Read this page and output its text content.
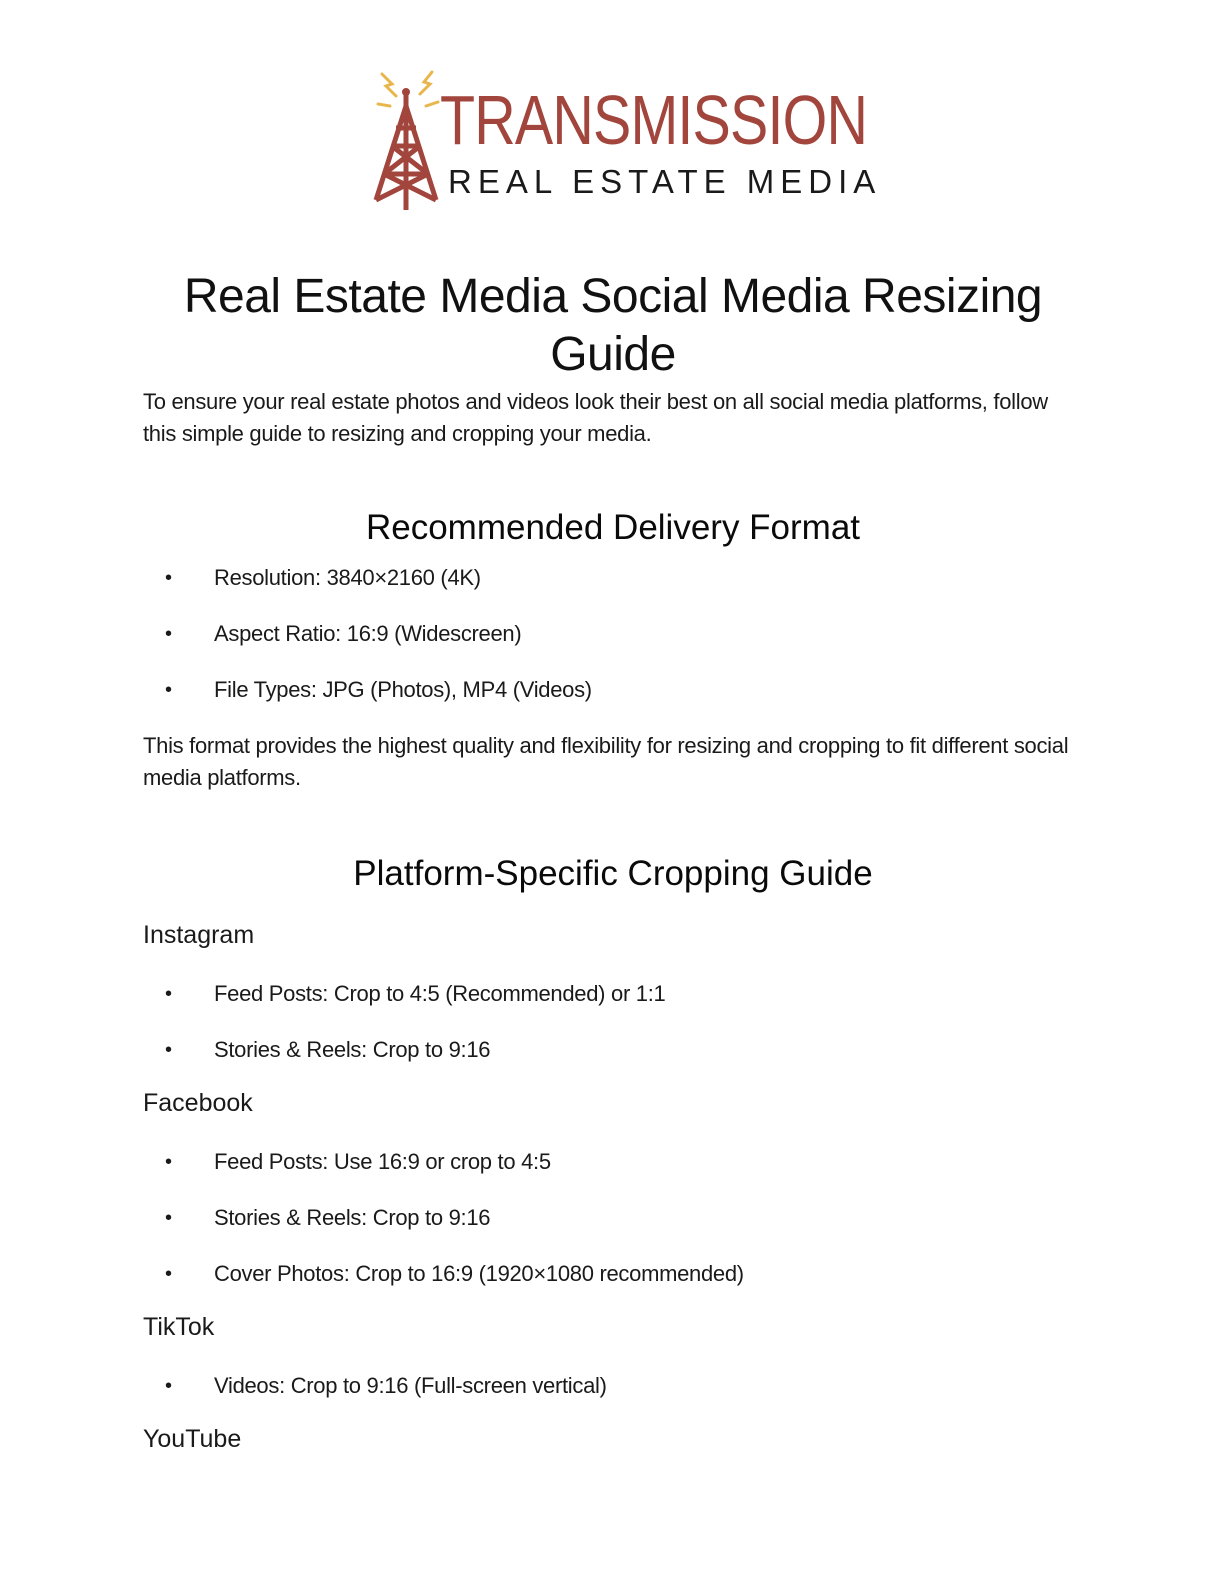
TRANSMISSION
REAL ESTATE MEDIA
Real Estate Media Social Media Resizing Guide

To ensure your real estate photos and videos look their best on all social media platforms, follow this simple guide to resizing and cropping your media.

Recommended Delivery Format
• Resolution: 3840×2160 (4K)
• Aspect Ratio: 16:9 (Widescreen)
• File Types: JPG (Photos), MP4 (Videos)

This format provides the highest quality and flexibility for resizing and cropping to fit different social media platforms.

Platform-Specific Cropping Guide
Instagram
• Feed Posts: Crop to 4:5 (Recommended) or 1:1
• Stories & Reels: Crop to 9:16
Facebook
• Feed Posts: Use 16:9 or crop to 4:5
• Stories & Reels: Crop to 9:16
• Cover Photos: Crop to 16:9 (1920×1080 recommended)
TikTok
• Videos: Crop to 9:16 (Full-screen vertical)
YouTube
